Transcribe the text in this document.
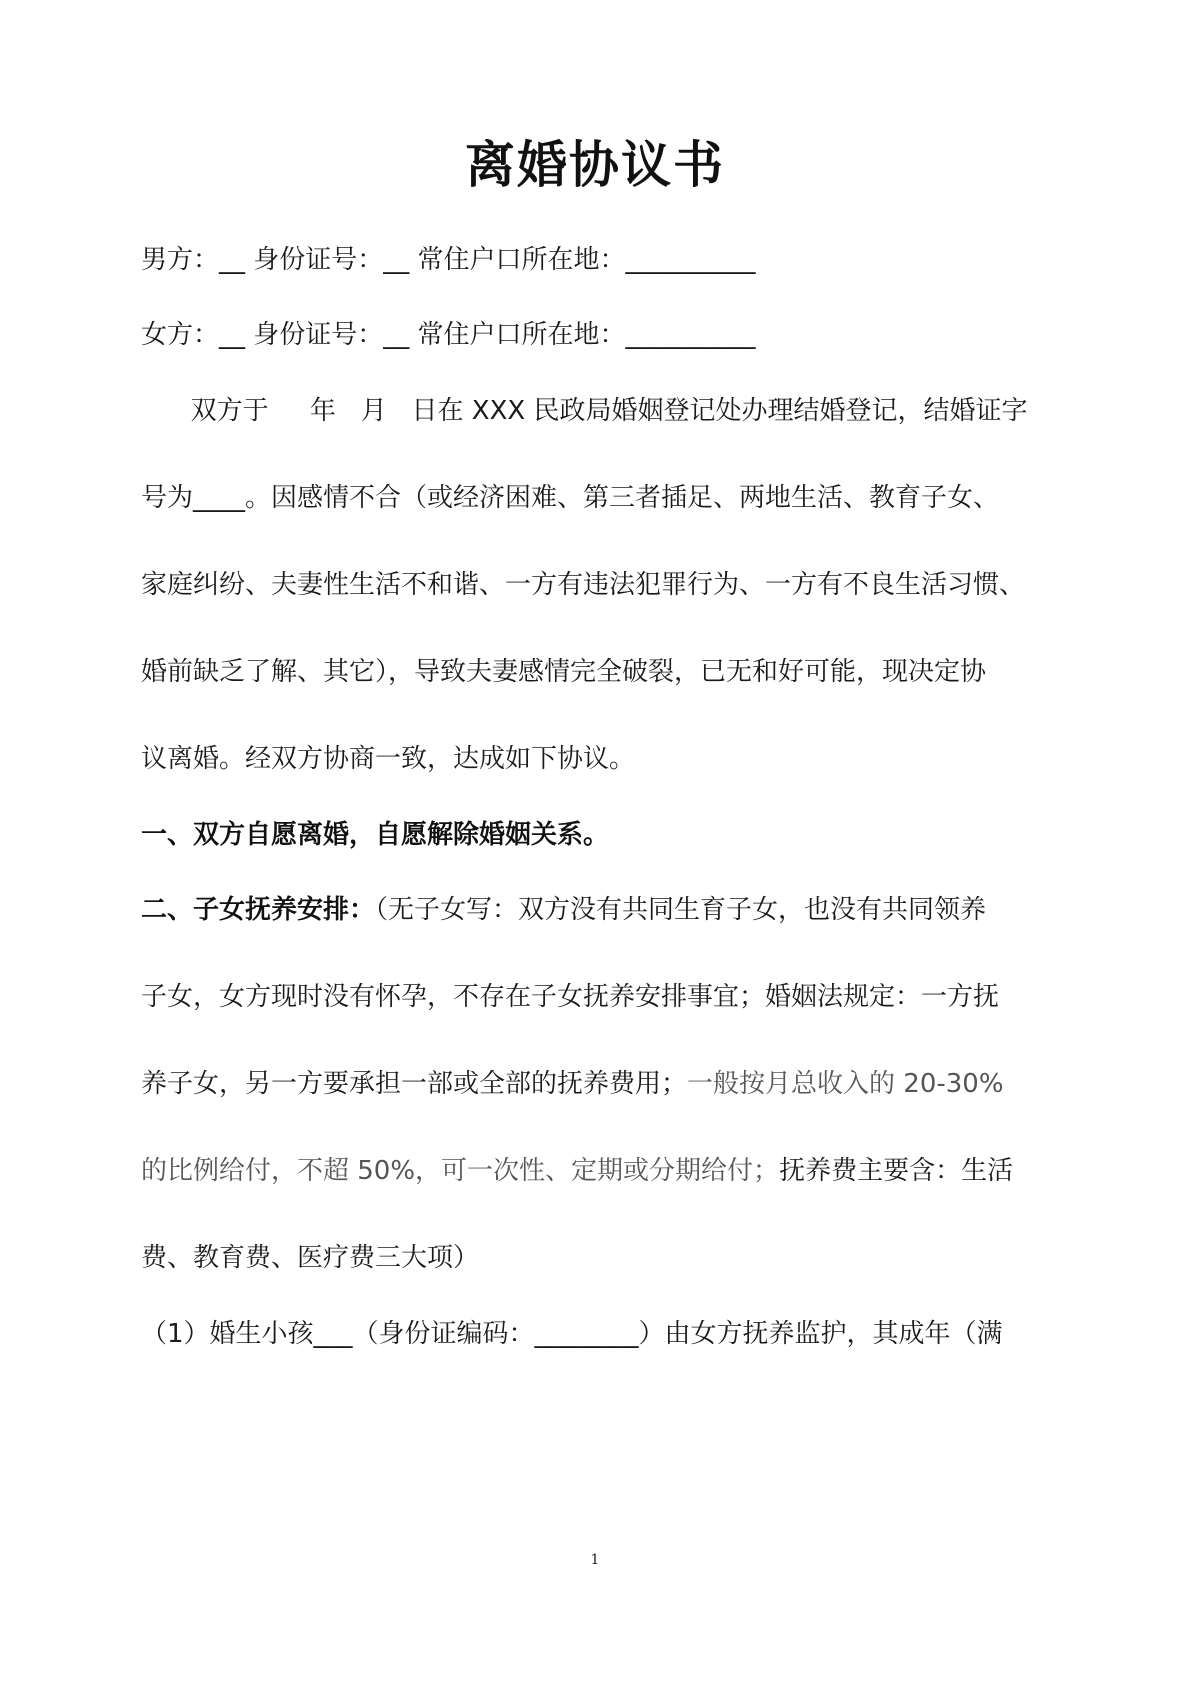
离婚协议书
男方：__ 身份证号：__ 常住户口所在地：__________
女方：__ 身份证号：__ 常住户口所在地：__________
双方于     年   月   日在 XXX 民政局婚姻登记处办理结婚登记，结婚证字
号为____。因感情不合（或经济困难、第三者插足、两地生活、教育子女、
家庭纠纷、夫妻性生活不和谐、一方有违法犯罪行为、一方有不良生活习惯、
婚前缺乏了解、其它），导致夫妻感情完全破裂，已无和好可能，现决定协
议离婚。经双方协商一致，达成如下协议。
一、双方自愿离婚，自愿解除婚姻关系。
二、子女抚养安排：（无子女写：双方没有共同生育子女，也没有共同领养
子女，女方现时没有怀孕，不存在子女抚养安排事宜；婚姻法规定：一方抚
养子女，另一方要承担一部或全部的抚养费用；一般按月总收入的 20-30%
的比例给付，不超 50%，可一次性、定期或分期给付；抚养费主要含：生活
费、教育费、医疗费三大项）
（1）婚生小孩___（身份证编码：________）由女方抚养监护，其成年（满
1
